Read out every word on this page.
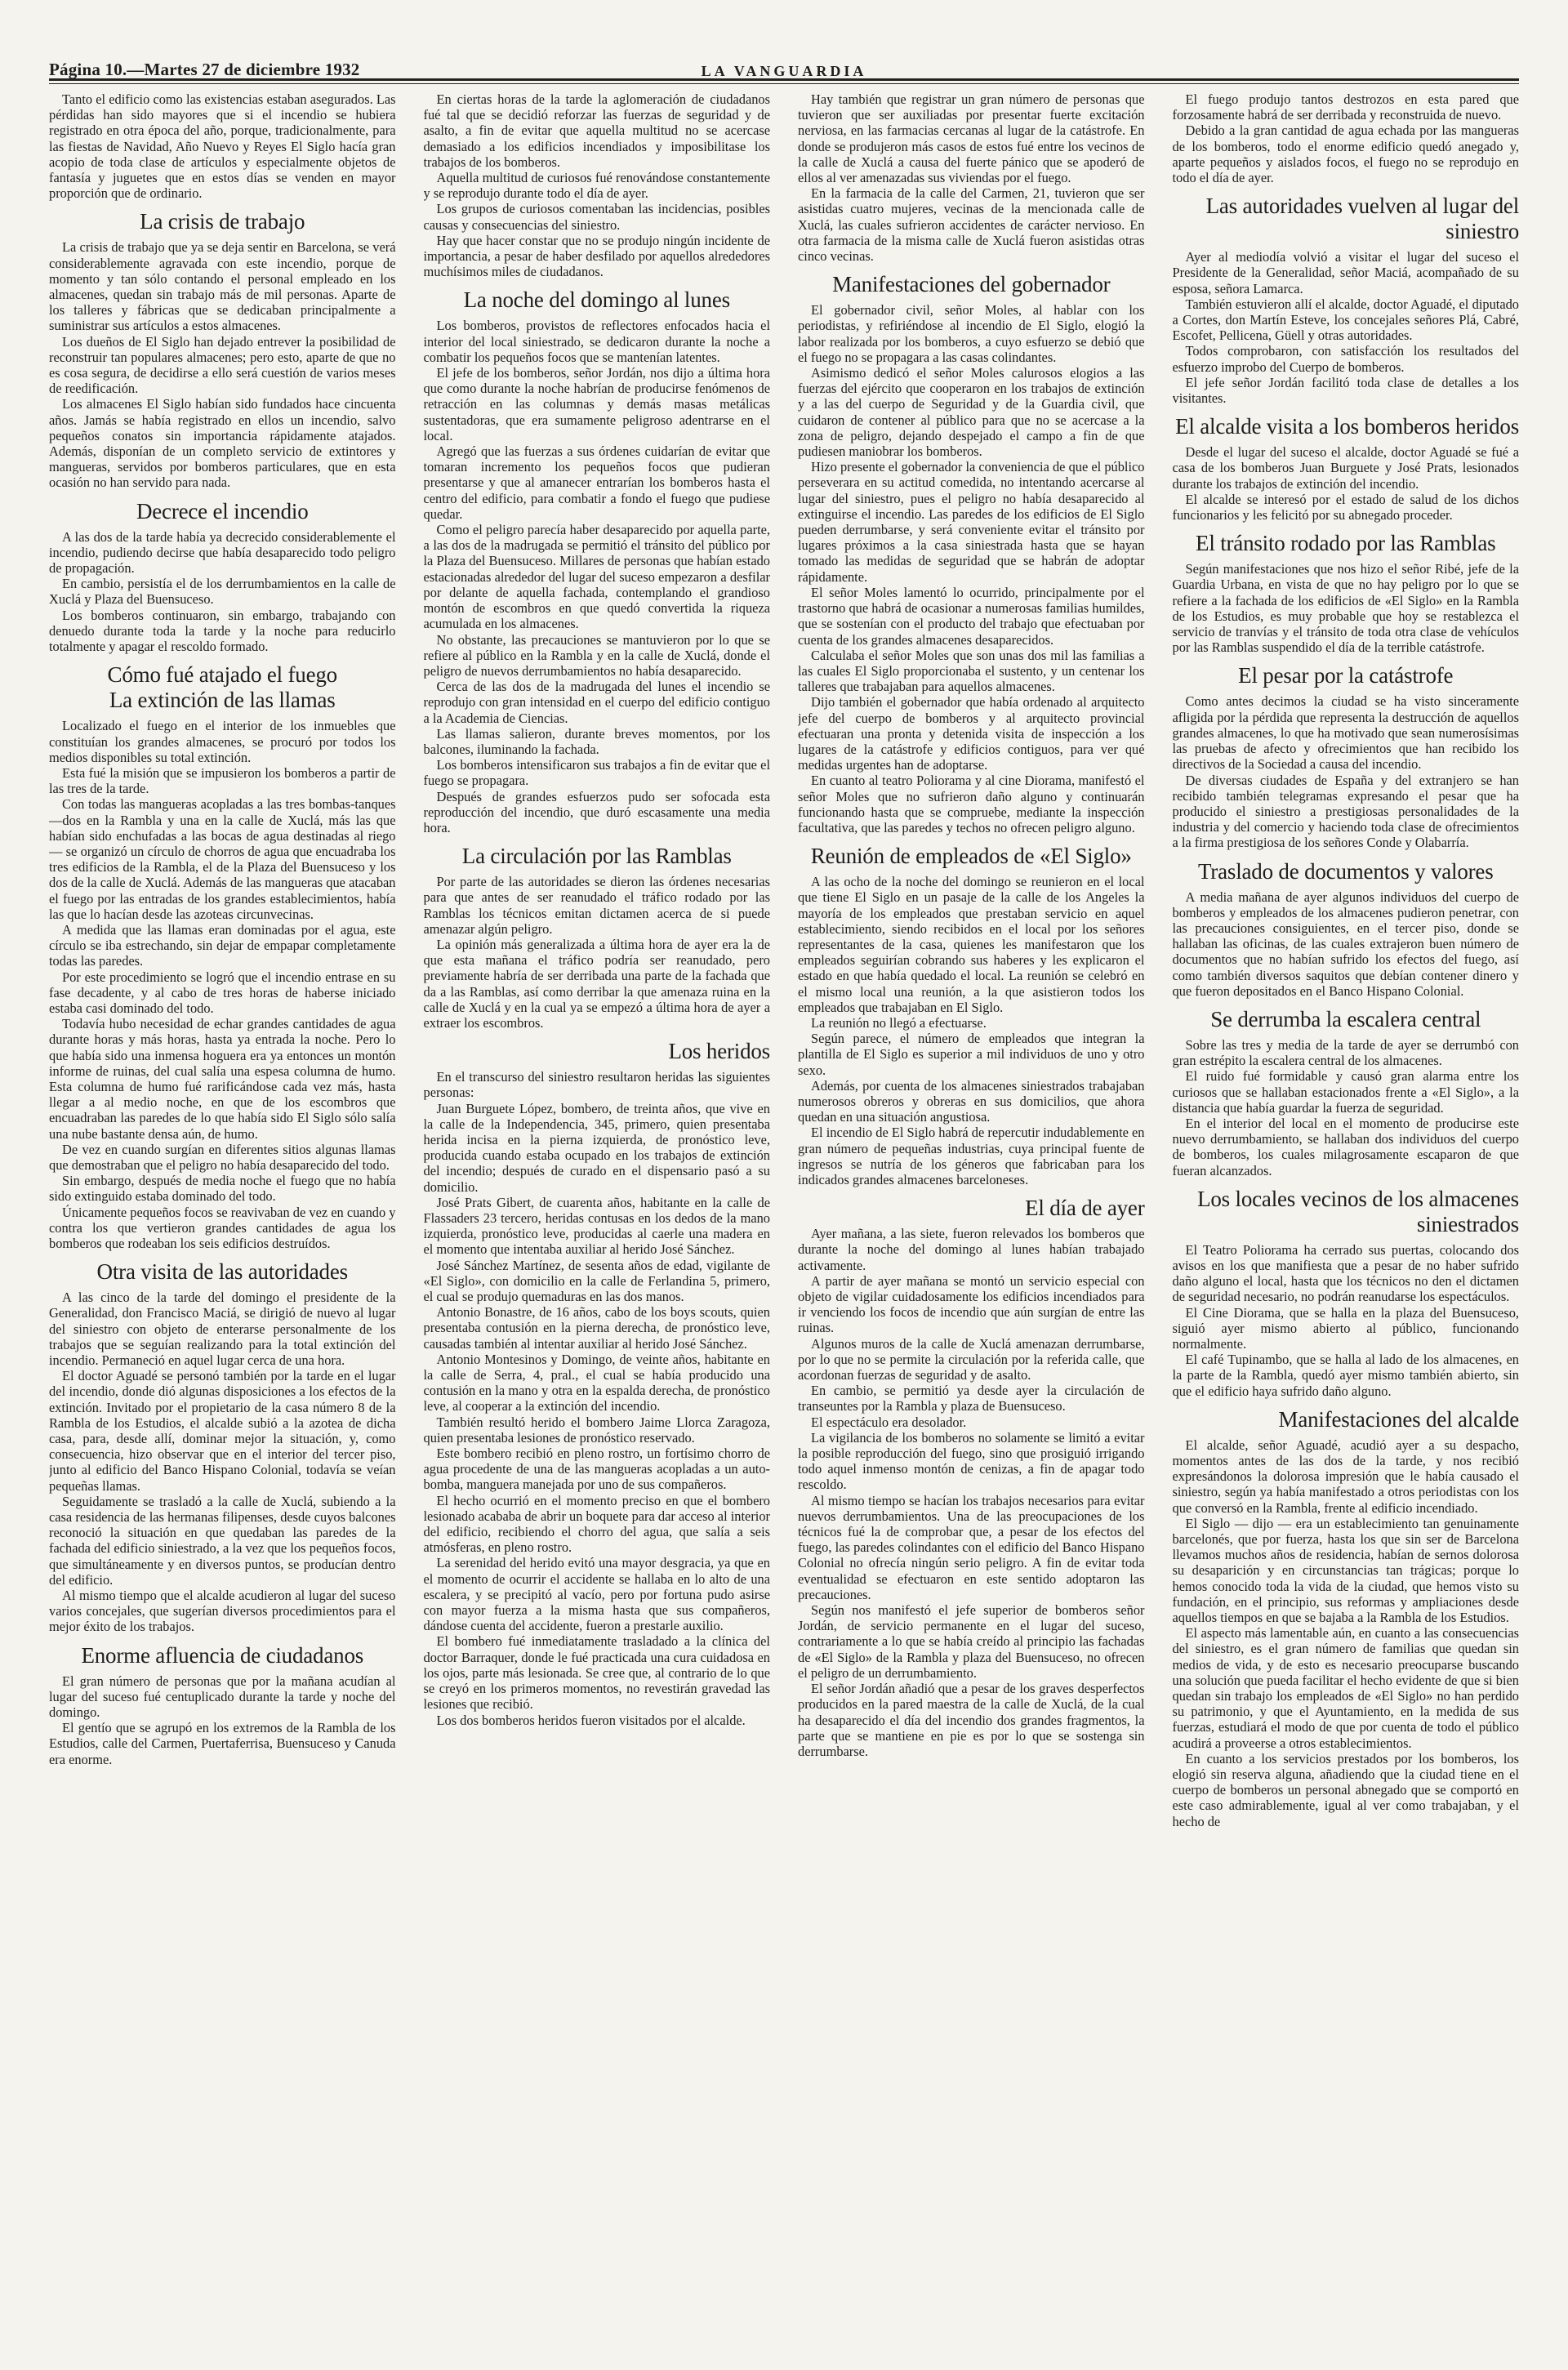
Página 10.—Martes 27 de diciembre 1932	LA VANGUARDIA

Tanto el edificio como las existencias estaban asegurados. Las pérdidas han sido mayores que si el incendio se hubiera registrado en otra época del año, porque, tradicionalmente, para las fiestas de Navidad, Año Nuevo y Reyes El Siglo hacía gran acopio de toda clase de artículos y especialmente objetos de fantasía y juguetes que en estos días se venden en mayor proporción que de ordinario.

La crisis de trabajo

La crisis de trabajo que ya se deja sentir en Barcelona, se verá considerablemente agravada con este incendio, porque de momento y tan sólo contando el personal empleado en los almacenes, quedan sin trabajo más de mil personas. Aparte de los talleres y fábricas que se dedicaban principalmente a suministrar sus artículos a estos almacenes.

Los dueños de El Siglo han dejado entrever la posibilidad de reconstruir tan populares almacenes; pero esto, aparte de que no es cosa segura, de decidirse a ello será cuestión de varios meses de reedificación.

Los almacenes El Siglo habían sido fundados hace cincuenta años. Jamás se había registrado en ellos un incendio, salvo pequeños conatos sin importancia rápidamente atajados. Además, disponían de un completo servicio de extintores y mangueras, servidos por bomberos particulares, que en esta ocasión no han servido para nada.

Decrece el incendio

A las dos de la tarde había ya decrecido considerablemente el incendio, pudiendo decirse que había desaparecido todo peligro de propagación.

En cambio, persistía el de los derrumbamientos en la calle de Xuclá y Plaza del Buensuceso.

Los bomberos continuaron, sin embargo, trabajando con denuedo durante toda la tarde y la noche para reducirlo totalmente y apagar el rescoldo formado.

Cómo fué atajado el fuego
La extinción de las llamas

Localizado el fuego en el interior de los inmuebles que constituían los grandes almacenes, se procuró por todos los medios disponibles su total extinción.

Esta fué la misión que se impusieron los bomberos a partir de las tres de la tarde.

Con todas las mangueras acopladas a las tres bombas-tanques —dos en la Rambla y una en la calle de Xuclá, más las que habían sido enchufadas a las bocas de agua destinadas al riego— se organizó un círculo de chorros de agua que encuadraba los tres edificios de la Rambla, el de la Plaza del Buensuceso y los dos de la calle de Xuclá. Además de las mangueras que atacaban el fuego por las entradas de los grandes establecimientos, había las que lo hacían desde las azoteas circunvecinas.

A medida que las llamas eran dominadas por el agua, este círculo se iba estrechando, sin dejar de empapar completamente todas las paredes.

Por este procedimiento se logró que el incendio entrase en su fase decadente, y al cabo de tres horas de haberse iniciado estaba casi dominado del todo.

Todavía hubo necesidad de echar grandes cantidades de agua durante horas y más horas, hasta ya entrada la noche. Pero lo que había sido una inmensa hoguera era ya entonces un montón informe de ruinas, del cual salía una espesa columna de humo. Esta columna de humo fué rarificándose cada vez más, hasta llegar a al medio noche, en que de los escombros que encuadraban las paredes de lo que había sido El Siglo sólo salía una nube bastante densa aún, de humo.

De vez en cuando surgían en diferentes sitios algunas llamas que demostraban que el peligro no había desaparecido del todo.

Sin embargo, después de media noche el fuego que no había sido extinguido estaba dominado del todo.

Únicamente pequeños focos se reavivaban de vez en cuando y contra los que vertieron grandes cantidades de agua los bomberos que rodeaban los seis edificios destruídos.

Otra visita de las autoridades

A las cinco de la tarde del domingo el presidente de la Generalidad, don Francisco Maciá, se dirigió de nuevo al lugar del siniestro con objeto de enterarse personalmente de los trabajos que se seguían realizando para la total extinción del incendio. Permaneció en aquel lugar cerca de una hora.

El doctor Aguadé se personó también por la tarde en el lugar del incendio, donde dió algunas disposiciones a los efectos de la extinción. Invitado por el propietario de la casa número 8 de la Rambla de los Estudios, el alcalde subió a la azotea de dicha casa, para, desde allí, dominar mejor la situación, y, como consecuencia, hizo observar que en el interior del tercer piso, junto al edificio del Banco Hispano Colonial, todavía se veían pequeñas llamas.

Seguidamente se trasladó a la calle de Xuclá, subiendo a la casa residencia de las hermanas filipenses, desde cuyos balcones reconoció la situación en que quedaban las paredes de la fachada del edificio siniestrado, a la vez que los pequeños focos, que simultáneamente y en diversos puntos, se producían dentro del edificio.

Al mismo tiempo que el alcalde acudieron al lugar del suceso varios concejales, que sugerían diversos procedimientos para el mejor éxito de los trabajos.

Enorme afluencia de ciudadanos

El gran número de personas que por la mañana acudían al lugar del suceso fué centuplicado durante la tarde y noche del domingo.

El gentío que se agrupó en los extremos de la Rambla de los Estudios, calle del Carmen, Puertaferrisa, Buensuceso y Canuda era enorme.

En ciertas horas de la tarde la aglomeración de ciudadanos fué tal que se decidió reforzar las fuerzas de seguridad y de asalto, a fin de evitar que aquella multitud no se acercase demasiado a los edificios incendiados y imposibilitase los trabajos de los bomberos.

Aquella multitud de curiosos fué renovándose constantemente y se reprodujo durante todo el día de ayer.

Los grupos de curiosos comentaban las incidencias, posibles causas y consecuencias del siniestro.

Hay que hacer constar que no se produjo ningún incidente de importancia, a pesar de haber desfilado por aquellos alrededores muchísimos miles de ciudadanos.

La noche del domingo al lunes

Los bomberos, provistos de reflectores enfocados hacia el interior del local siniestrado, se dedicaron durante la noche a combatir los pequeños focos que se mantenían latentes.

El jefe de los bomberos, señor Jordán, nos dijo a última hora que como durante la noche habrían de producirse fenómenos de retracción en las columnas y demás masas metálicas sustentadoras, que era sumamente peligroso adentrarse en el local.

Agregó que las fuerzas a sus órdenes cuidarían de evitar que tomaran incremento los pequeños focos que pudieran presentarse y que al amanecer entrarían los bomberos hasta el centro del edificio, para combatir a fondo el fuego que pudiese quedar.

Como el peligro parecía haber desaparecido por aquella parte, a las dos de la madrugada se permitió el tránsito del público por la Plaza del Buensuceso. Millares de personas que habían estado estacionadas alrededor del lugar del suceso empezaron a desfilar por delante de aquella fachada, contemplando el grandioso montón de escombros en que quedó convertida la riqueza acumulada en los almacenes.

No obstante, las precauciones se mantuvieron por lo que se refiere al público en la Rambla y en la calle de Xuclá, donde el peligro de nuevos derrumbamientos no había desaparecido.

Cerca de las dos de la madrugada del lunes el incendio se reprodujo con gran intensidad en el cuerpo del edificio contiguo a la Academia de Ciencias.

Las llamas salieron, durante breves momentos, por los balcones, iluminando la fachada.

Los bomberos intensificaron sus trabajos a fin de evitar que el fuego se propagara.

Después de grandes esfuerzos pudo ser sofocada esta reproducción del incendio, que duró escasamente una media hora.

La circulación por las Ramblas

Por parte de las autoridades se dieron las órdenes necesarias para que antes de ser reanudado el tráfico rodado por las Ramblas los técnicos emitan dictamen acerca de si puede amenazar algún peligro.

La opinión más generalizada a última hora de ayer era la de que esta mañana el tráfico podría ser reanudado, pero previamente habría de ser derribada una parte de la fachada que da a las Ramblas, así como derribar la que amenaza ruina en la calle de Xuclá y en la cual ya se empezó a última hora de ayer a extraer los escombros.

Los heridos

En el transcurso del siniestro resultaron heridas las siguientes personas:

Juan Burguete López, bombero, de treinta años, que vive en la calle de la Independencia, 345, primero, quien presentaba herida incisa en la pierna izquierda, de pronóstico leve, producida cuando estaba ocupado en los trabajos de extinción del incendio; después de curado en el dispensario pasó a su domicilio.

José Prats Gibert, de cuarenta años, habitante en la calle de Flassaders 23 tercero, heridas contusas en los dedos de la mano izquierda, pronóstico leve, producidas al caerle una madera en el momento que intentaba auxiliar al herido José Sánchez.

José Sánchez Martínez, de sesenta años de edad, vigilante de «El Siglo», con domicilio en la calle de Ferlandina 5, primero, el cual se produjo quemaduras en las dos manos.

Antonio Bonastre, de 16 años, cabo de los boys scouts, quien presentaba contusión en la pierna derecha, de pronóstico leve, causadas también al intentar auxiliar al herido José Sánchez.

Antonio Montesinos y Domingo, de veinte años, habitante en la calle de Serra, 4, pral., el cual se había producido una contusión en la mano y otra en la espalda derecha, de pronóstico leve, al cooperar a la extinción del incendio.

También resultó herido el bombero Jaime Llorca Zaragoza, quien presentaba lesiones de pronóstico reservado.

Este bombero recibió en pleno rostro, un fortísimo chorro de agua procedente de una de las mangueras acopladas a un auto-bomba, manguera manejada por uno de sus compañeros.

El hecho ocurrió en el momento preciso en que el bombero lesionado acababa de abrir un boquete para dar acceso al interior del edificio, recibiendo el chorro del agua, que salía a seis atmósferas, en pleno rostro.

La serenidad del herido evitó una mayor desgracia, ya que en el momento de ocurrir el accidente se hallaba en lo alto de una escalera, y se precipitó al vacío, pero por fortuna pudo asirse con mayor fuerza a la misma hasta que sus compañeros, dándose cuenta del accidente, fueron a prestarle auxilio.

El bombero fué inmediatamente trasladado a la clínica del doctor Barraquer, donde le fué practicada una cura cuidadosa en los ojos, parte más lesionada. Se cree que, al contrario de lo que se creyó en los primeros momentos, no revestirán gravedad las lesiones que recibió.

Los dos bomberos heridos fueron visitados por el alcalde.

Hay también que registrar un gran número de personas que tuvieron que ser auxiliadas por presentar fuerte excitación nerviosa, en las farmacias cercanas al lugar de la catástrofe. En donde se produjeron más casos de estos fué entre los vecinos de la calle de Xuclá a causa del fuerte pánico que se apoderó de ellos al ver amenazadas sus viviendas por el fuego.

En la farmacia de la calle del Carmen, 21, tuvieron que ser asistidas cuatro mujeres, vecinas de la mencionada calle de Xuclá, las cuales sufrieron accidentes de carácter nervioso. En otra farmacia de la misma calle de Xuclá fueron asistidas otras cinco vecinas.

Manifestaciones del gobernador

El gobernador civil, señor Moles, al hablar con los periodistas, y refiriéndose al incendio de El Siglo, elogió la labor realizada por los bomberos, a cuyo esfuerzo se debió que el fuego no se propagara a las casas colindantes.

Asimismo dedicó el señor Moles calurosos elogios a las fuerzas del ejército que cooperaron en los trabajos de extinción y a las del cuerpo de Seguridad y de la Guardia civil, que cuidaron de contener al público para que no se acercase a la zona de peligro, dejando despejado el campo a fin de que pudiesen maniobrar los bomberos.

Hizo presente el gobernador la conveniencia de que el público perseverara en su actitud comedida, no intentando acercarse al lugar del siniestro, pues el peligro no había desaparecido al extinguirse el incendio. Las paredes de los edificios de El Siglo pueden derrumbarse, y será conveniente evitar el tránsito por lugares próximos a la casa siniestrada hasta que se hayan tomado las medidas de seguridad que se habrán de adoptar rápidamente.

El señor Moles lamentó lo ocurrido, principalmente por el trastorno que habrá de ocasionar a numerosas familias humildes, que se sostenían con el producto del trabajo que efectuaban por cuenta de los grandes almacenes desaparecidos.

Calculaba el señor Moles que son unas dos mil las familias a las cuales El Siglo proporcionaba el sustento, y un centenar los talleres que trabajaban para aquellos almacenes.

Dijo también el gobernador que había ordenado al arquitecto jefe del cuerpo de bomberos y al arquitecto provincial efectuaran una pronta y detenida visita de inspección a los lugares de la catástrofe y edificios contiguos, para ver qué medidas urgentes han de adoptarse.

En cuanto al teatro Poliorama y al cine Diorama, manifestó el señor Moles que no sufrieron daño alguno y continuarán funcionando hasta que se compruebe, mediante la inspección facultativa, que las paredes y techos no ofrecen peligro alguno.

Reunión de empleados de «El Siglo»

A las ocho de la noche del domingo se reunieron en el local que tiene El Siglo en un pasaje de la calle de los Angeles la mayoría de los empleados que prestaban servicio en aquel establecimiento, siendo recibidos en el local por los señores representantes de la casa, quienes les manifestaron que los empleados seguirían cobrando sus haberes y les explicaron el estado en que había quedado el local. La reunión se celebró en el mismo local una reunión, a la que asistieron todos los empleados que trabajaban en El Siglo.

La reunión no llegó a efectuarse.

Según parece, el número de empleados que integran la plantilla de El Siglo es superior a mil individuos de uno y otro sexo.

Además, por cuenta de los almacenes siniestrados trabajaban numerosos obreros y obreras en sus domicilios, que ahora quedan en una situación angustiosa.

El incendio de El Siglo habrá de repercutir indudablemente en gran número de pequeñas industrias, cuya principal fuente de ingresos se nutría de los géneros que fabricaban para los indicados grandes almacenes barceloneses.

El día de ayer

Ayer mañana, a las siete, fueron relevados los bomberos que durante la noche del domingo al lunes habían trabajado activamente.

A partir de ayer mañana se montó un servicio especial con objeto de vigilar cuidadosamente los edificios incendiados para ir venciendo los focos de incendio que aún surgían de entre las ruinas.

Algunos muros de la calle de Xuclá amenazan derrumbarse, por lo que no se permite la circulación por la referida calle, que acordonan fuerzas de seguridad y de asalto.

En cambio, se permitió ya desde ayer la circulación de transeuntes por la Rambla y plaza de Buensuceso.

El espectáculo era desolador.

La vigilancia de los bomberos no solamente se limitó a evitar la posible reproducción del fuego, sino que prosiguió irrigando todo aquel inmenso montón de cenizas, a fin de apagar todo rescoldo.

Al mismo tiempo se hacían los trabajos necesarios para evitar nuevos derrumbamientos. Una de las preocupaciones de los técnicos fué la de comprobar que, a pesar de los efectos del fuego, las paredes colindantes con el edificio del Banco Hispano Colonial no ofrecía ningún serio peligro. A fin de evitar toda eventualidad se efectuaron en este sentido adoptaron las precauciones.

Según nos manifestó el jefe superior de bomberos señor Jordán, de servicio permanente en el lugar del suceso, contrariamente a lo que se había creído al principio las fachadas de «El Siglo» de la Rambla y plaza del Buensuceso, no ofrecen el peligro de un derrumbamiento.

El señor Jordán añadió que a pesar de los graves desperfectos producidos en la pared maestra de la calle de Xuclá, de la cual ha desaparecido el día del incendio dos grandes fragmentos, la parte que se mantiene en pie es por lo que se sostenga sin derrumbarse.

El fuego produjo tantos destrozos en esta pared que forzosamente habrá de ser derribada y reconstruida de nuevo.

Debido a la gran cantidad de agua echada por las mangueras de los bomberos, todo el enorme edificio quedó anegado y, aparte pequeños y aislados focos, el fuego no se reprodujo en todo el día de ayer.

Las autoridades vuelven al lugar del siniestro

Ayer al mediodía volvió a visitar el lugar del suceso el Presidente de la Generalidad, señor Maciá, acompañado de su esposa, señora Lamarca.

También estuvieron allí el alcalde, doctor Aguadé, el diputado a Cortes, don Martín Esteve, los concejales señores Plá, Cabré, Escofet, Pellicena, Güell y otras autoridades.

Todos comprobaron, con satisfacción los resultados del esfuerzo improbo del Cuerpo de bomberos.

El jefe señor Jordán facilitó toda clase de detalles a los visitantes.

El alcalde visita a los bomberos heridos

Desde el lugar del suceso el alcalde, doctor Aguadé se fué a casa de los bomberos Juan Burguete y José Prats, lesionados durante los trabajos de extinción del incendio.

El alcalde se interesó por el estado de salud de los dichos funcionarios y les felicitó por su abnegado proceder.

El tránsito rodado por las Ramblas

Según manifestaciones que nos hizo el señor Ribé, jefe de la Guardia Urbana, en vista de que no hay peligro por lo que se refiere a la fachada de los edificios de «El Siglo» en la Rambla de los Estudios, es muy probable que hoy se restablezca el servicio de tranvías y el tránsito de toda otra clase de vehículos por las Ramblas suspendido el día de la terrible catástrofe.

El pesar por la catástrofe

Como antes decimos la ciudad se ha visto sinceramente afligida por la pérdida que representa la destrucción de aquellos grandes almacenes, lo que ha motivado que sean numerosísimas las pruebas de afecto y ofrecimientos que han recibido los directivos de la Sociedad a causa del incendio.

De diversas ciudades de España y del extranjero se han recibido también telegramas expresando el pesar que ha producido el siniestro a prestigiosas personalidades de la industria y del comercio y haciendo toda clase de ofrecimientos a la firma prestigiosa de los señores Conde y Olabarría.

Traslado de documentos y valores

A media mañana de ayer algunos individuos del cuerpo de bomberos y empleados de los almacenes pudieron penetrar, con las precauciones consiguientes, en el tercer piso, donde se hallaban las oficinas, de las cuales extrajeron buen número de documentos que no habían sufrido los efectos del fuego, así como también diversos saquitos que debían contener dinero y que fueron depositados en el Banco Hispano Colonial.

Se derrumba la escalera central

Sobre las tres y media de la tarde de ayer se derrumbó con gran estrépito la escalera central de los almacenes.

El ruido fué formidable y causó gran alarma entre los curiosos que se hallaban estacionados frente a «El Siglo», a la distancia que había guardar la fuerza de seguridad.

En el interior del local en el momento de producirse este nuevo derrumbamiento, se hallaban dos individuos del cuerpo de bomberos, los cuales milagrosamente escaparon de que fueran alcanzados.

Los locales vecinos de los almacenes siniestrados

El Teatro Poliorama ha cerrado sus puertas, colocando dos avisos en los que manifiesta que a pesar de no haber sufrido daño alguno el local, hasta que los técnicos no den el dictamen de seguridad necesario, no podrán reanudarse los espectáculos.

El Cine Diorama, que se halla en la plaza del Buensuceso, siguió ayer mismo abierto al público, funcionando normalmente.

El café Tupinambo, que se halla al lado de los almacenes, en la parte de la Rambla, quedó ayer mismo también abierto, sin que el edificio haya sufrido daño alguno.

Manifestaciones del alcalde

El alcalde, señor Aguadé, acudió ayer a su despacho, momentos antes de las dos de la tarde, y nos recibió expresándonos la dolorosa impresión que le había causado el siniestro, según ya había manifestado a otros periodistas con los que conversó en la Rambla, frente al edificio incendiado.

El Siglo — dijo — era un establecimiento tan genuinamente barcelonés, que por fuerza, hasta los que sin ser de Barcelona llevamos muchos años de residencia, habían de sernos dolorosa su desaparición y en circunstancias tan trágicas; porque lo hemos conocido toda la vida de la ciudad, que hemos visto su fundación, en el principio, sus reformas y ampliaciones desde aquellos tiempos en que se bajaba a la Rambla de los Estudios.

El aspecto más lamentable aún, en cuanto a las consecuencias del siniestro, es el gran número de familias que quedan sin medios de vida, y de esto es necesario preocuparse buscando una solución que pueda facilitar el hecho evidente de que si bien quedan sin trabajo los empleados de «El Siglo» no han perdido su patrimonio, y que el Ayuntamiento, en la medida de sus fuerzas, estudiará el modo de que por cuenta de todo el público acudirá a proveerse a otros establecimientos.

En cuanto a los servicios prestados por los bomberos, los elogió sin reserva alguna, añadiendo que la ciudad tiene en el cuerpo de bomberos un personal abnegado que se comportó en este caso admirablemente, igual al ver como trabajaban, y el hecho de
